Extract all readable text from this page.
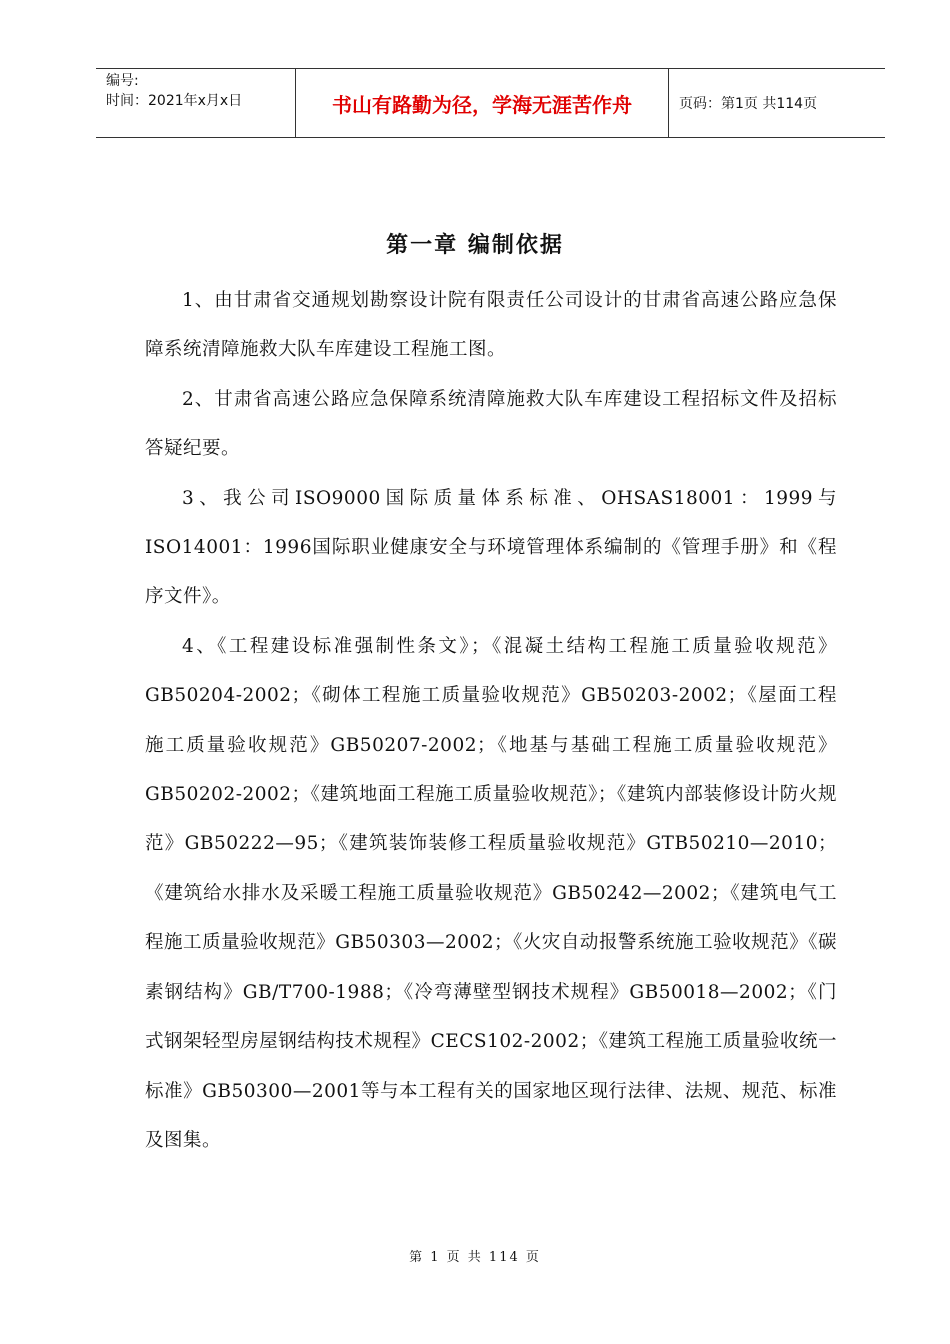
编号:
时间：2021年x月x日	书山有路勤为径，学海无涯苦作舟	页码：第1页 共114页
第一章 编制依据

1、由甘肃省交通规划勘察设计院有限责任公司设计的甘肃省高速公路应急保障系统清障施救大队车库建设工程施工图。

2、甘肃省高速公路应急保障系统清障施救大队车库建设工程招标文件及招标答疑纪要。

3、我公司ISO9000国际质量体系标准、OHSAS18001：1999与ISO14001：1996国际职业健康安全与环境管理体系编制的《管理手册》和《程序文件》。

4、《工程建设标准强制性条文》；《混凝土结构工程施工质量验收规范》GB50204-2002；《砌体工程施工质量验收规范》GB50203-2002；《屋面工程施工质量验收规范》GB50207-2002；《地基与基础工程施工质量验收规范》 GB50202-2002；《建筑地面工程施工质量验收规范》；《建筑内部装修设计防火规范》GB50222—95；《建筑装饰装修工程质量验收规范》GTB50210—2010；《建筑给水排水及采暖工程施工质量验收规范》GB50242—2002；《建筑电气工程施工质量验收规范》GB50303—2002；《火灾自动报警系统施工验收规范》《碳素钢结构》GB/T700-1988；《冷弯薄壁型钢技术规程》GB50018—2002；《门式钢架轻型房屋钢结构技术规程》CECS102-2002；《建筑工程施工质量验收统一标准》GB50300—2001等与本工程有关的国家地区现行法律、法规、规范、标准及图集。

第 1 页 共 114 页
